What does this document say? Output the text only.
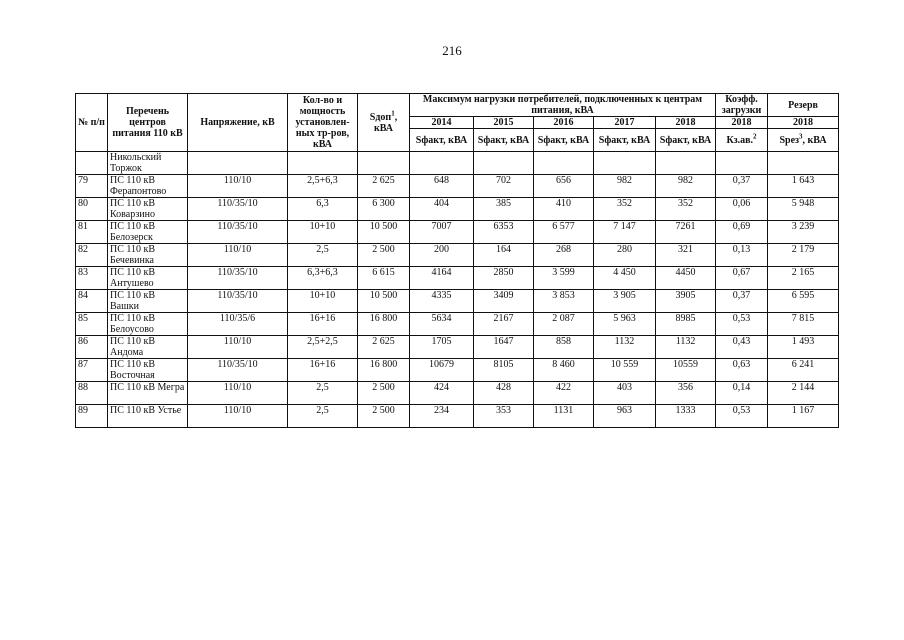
216
№ п/п	Перечень центров питания 110 кВ	Напряжение, кВ	Кол-во и мощность установлен-ных тр-ров, кВА	Sдоп$^1$, кВА	Максимум нагрузки потребителей, подключенных к центрам питания, кВА					Коэфф. загрузки	Резерв
					2014	2015	2016	2017	2018	2018	2018
					Sфакт, кВА	Sфакт, кВА	Sфакт, кВА	Sфакт, кВА	Sфакт, кВА	Кз.ав.$^2$	Sрез$^3$, кВА
	Никольский Торжок										
79	ПС 110 кВ Ферапонтово	110/10	2,5+6,3	2 625	648	702	656	982	982	0,37	1 643
80	ПС 110 кВ Коварзино	110/35/10	6,3	6 300	404	385	410	352	352	0,06	5 948
81	ПС 110 кВ Белозерск	110/35/10	10+10	10 500	7007	6353	6 577	7 147	7261	0,69	3 239
82	ПС 110 кВ Бечевинка	110/10	2,5	2 500	200	164	268	280	321	0,13	2 179
83	ПС 110 кВ Антушево	110/35/10	6,3+6,3	6 615	4164	2850	3 599	4 450	4450	0,67	2 165
84	ПС 110 кВ Вашки	110/35/10	10+10	10 500	4335	3409	3 853	3 905	3905	0,37	6 595
85	ПС 110 кВ Белоусово	110/35/6	16+16	16 800	5634	2167	2 087	5 963	8985	0,53	7 815
86	ПС 110 кВ Андома	110/10	2,5+2,5	2 625	1705	1647	858	1132	1132	0,43	1 493
87	ПС 110 кВ Восточная	110/35/10	16+16	16 800	10679	8105	8 460	10 559	10559	0,63	6 241
88	ПС 110 кВ Мегра	110/10	2,5	2 500	424	428	422	403	356	0,14	2 144
89	ПС 110 кВ Устье	110/10	2,5	2 500	234	353	1131	963	1333	0,53	1 167
